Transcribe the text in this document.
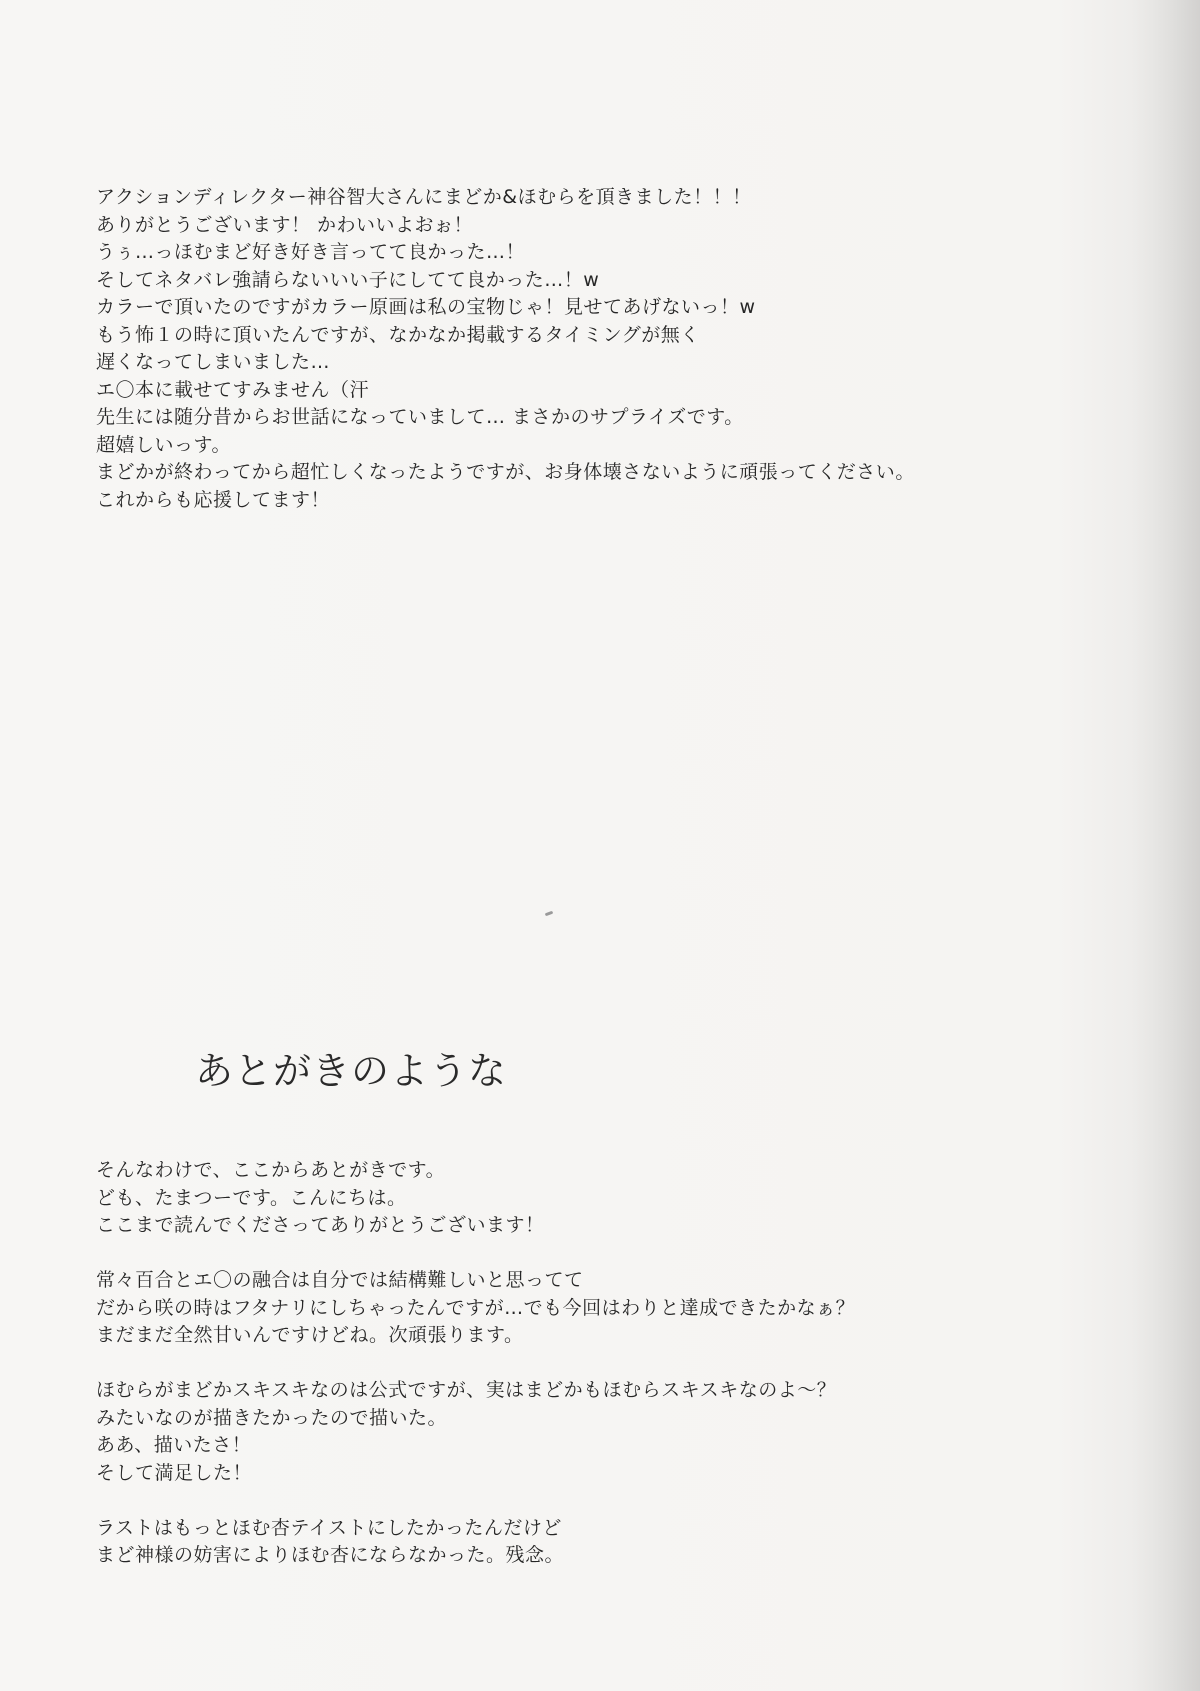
アクションディレクター神谷智大さんにまどか&ほむらを頂きました！！！
ありがとうございます！ かわいいよおぉ！
うぅ…っほむまど好き好き言ってて良かった…！
そしてネタバレ強請らないいい子にしてて良かった…！w
カラーで頂いたのですがカラー原画は私の宝物じゃ！見せてあげないっ！w
もう怖１の時に頂いたんですが、なかなか掲載するタイミングが無く
遅くなってしまいました…
エ〇本に載せてすみません（汗
先生には随分昔からお世話になっていまして… まさかのサプライズです。
超嬉しいっす。
まどかが終わってから超忙しくなったようですが、お身体壊さないように頑張ってください。
これからも応援してます！
あとがきのような
そんなわけで、ここからあとがきです。
ども、たまつーです。こんにちは。
ここまで読んでくださってありがとうございます！
常々百合とエ〇の融合は自分では結構難しいと思ってて
だから咲の時はフタナリにしちゃったんですが…でも今回はわりと達成できたかなぁ？
まだまだ全然甘いんですけどね。次頑張ります。
ほむらがまどかスキスキなのは公式ですが、実はまどかもほむらスキスキなのよ〜？
みたいなのが描きたかったので描いた。
ああ、描いたさ！
そして満足した！
ラストはもっとほむ杏テイストにしたかったんだけど
まど神様の妨害によりほむ杏にならなかった。残念。
